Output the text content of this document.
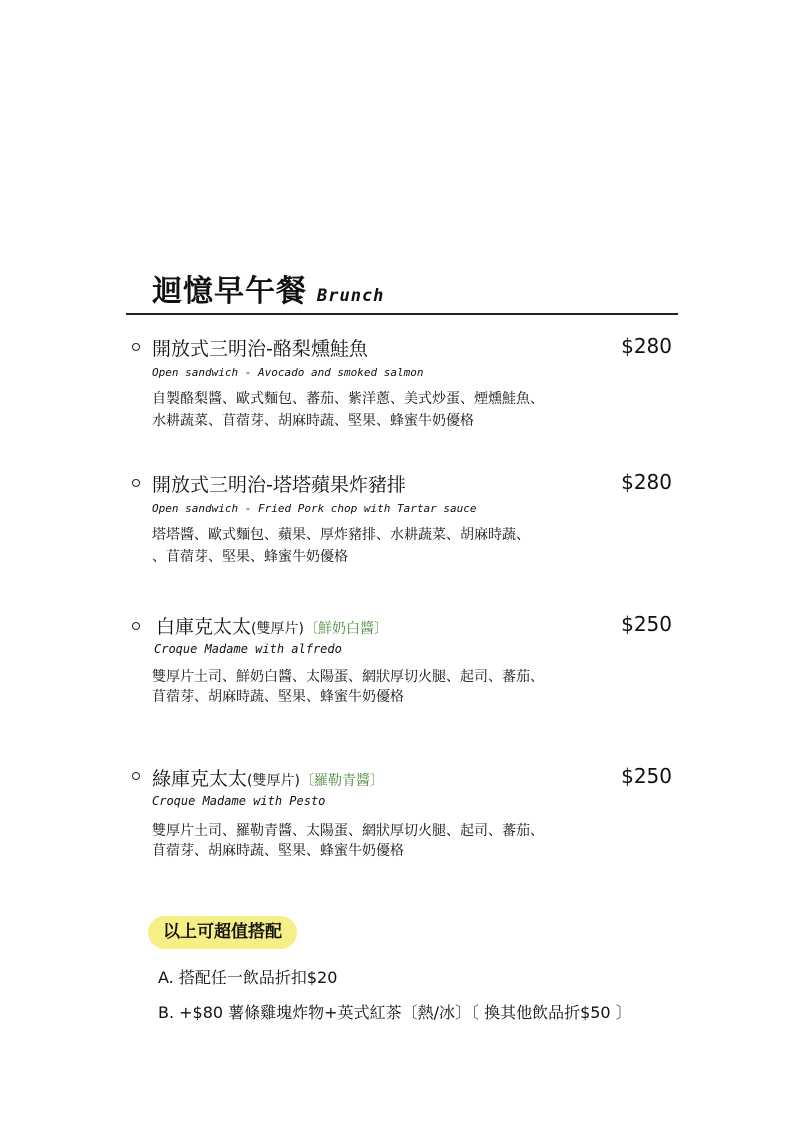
迴憶早午餐 Brunch
開放式三明治-酪梨燻鮭魚	$280
Open sandwich - Avocado and smoked salmon
自製酪梨醬、歐式麵包、蕃茄、紫洋蔥、美式炒蛋、煙燻鮭魚、
水耕蔬菜、苜蓿芽、胡麻時蔬、堅果、蜂蜜牛奶優格
開放式三明治-塔塔蘋果炸豬排	$280
Open sandwich - Fried Pork chop with Tartar sauce
塔塔醬、歐式麵包、蘋果、厚炸豬排、水耕蔬菜、胡麻時蔬、
、苜蓿芽、堅果、蜂蜜牛奶優格
白庫克太太(雙厚片)〔鮮奶白醬〕	$250
Croque Madame with alfredo
雙厚片土司、鮮奶白醬、太陽蛋、網狀厚切火腿、起司、蕃茄、
苜蓿芽、胡麻時蔬、堅果、蜂蜜牛奶優格
綠庫克太太(雙厚片)〔羅勒青醬〕	$250
Croque Madame with Pesto
雙厚片土司、羅勒青醬、太陽蛋、網狀厚切火腿、起司、蕃茄、
苜蓿芽、胡麻時蔬、堅果、蜂蜜牛奶優格
以上可超值搭配
A. 搭配任一飲品折扣$20
B. +$80 薯條雞塊炸物+英式紅茶〔熱/冰〕〔 換其他飲品折$50 〕
